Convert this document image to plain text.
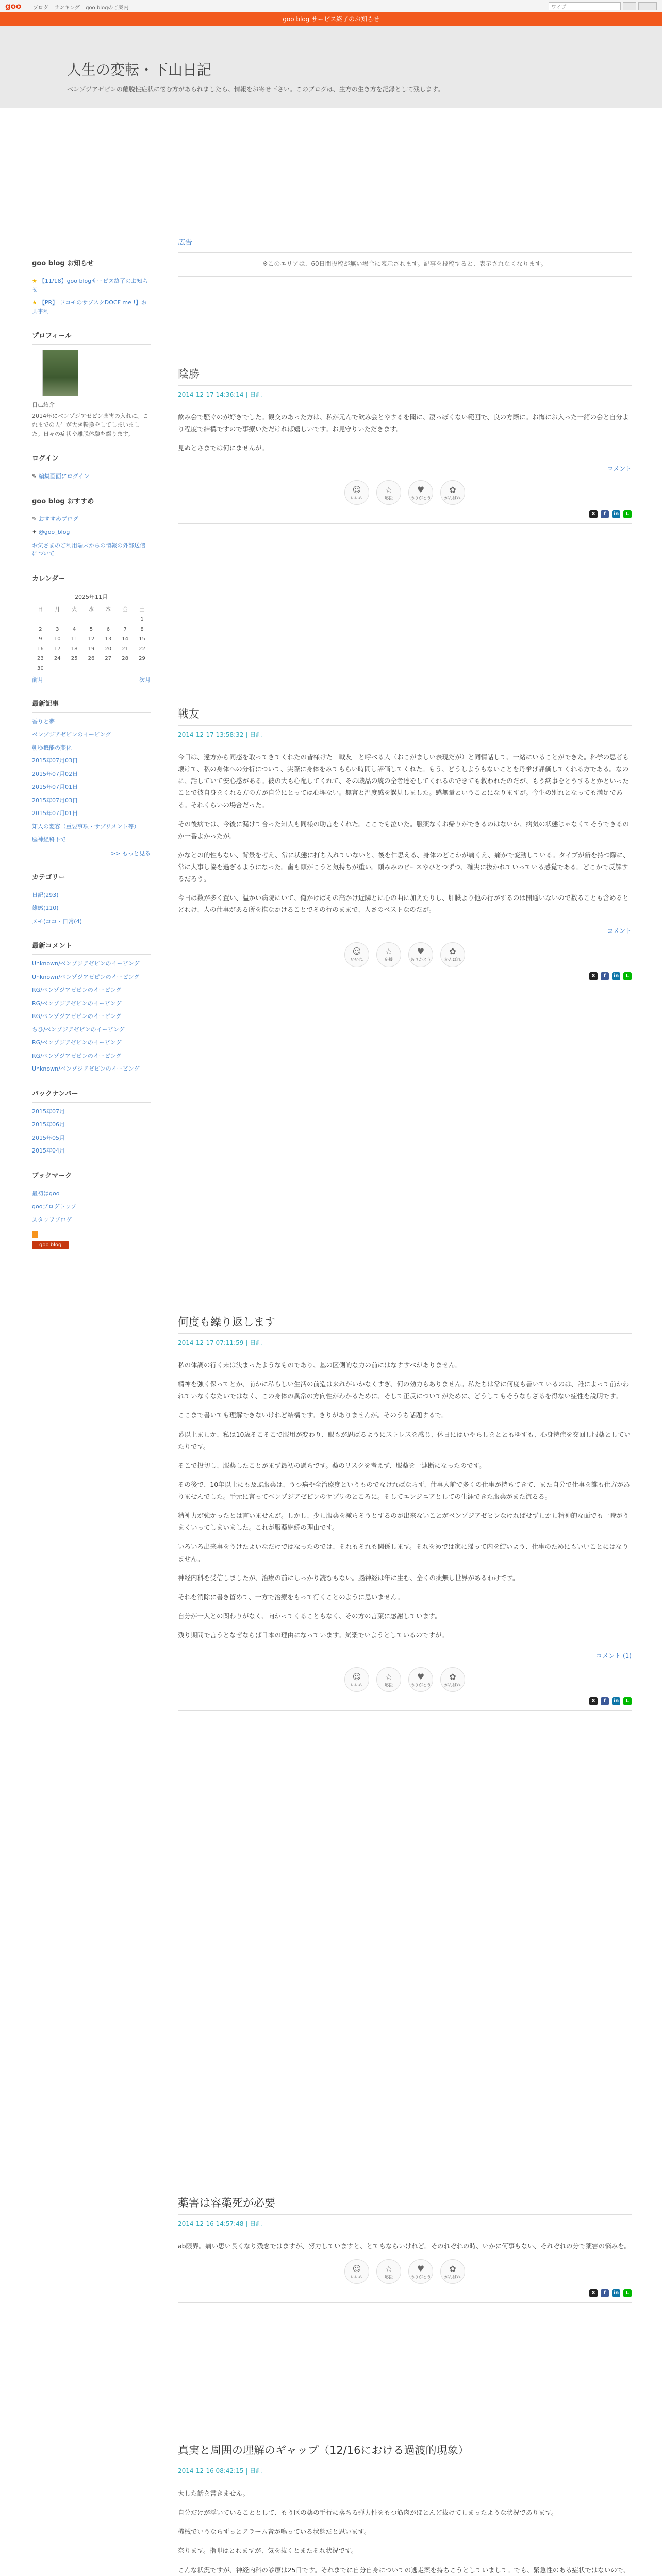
goo ブログ ランキング goo blogのご案内	ワイプ
goo blog サービス終了のお知らせ
人生の変転・下山日記

ベンゾジアゼピンの離脱性症状に悩む方があられましたら、情報をお寄せ下さい。このブログは、生方の生き方を記録として残します。

goo blog お知らせ
★ 【11/18】goo blogサービス終了のお知らせ
★ 【PR】 ドコモのサブスクDOCF me !】お共事利
プロフィール
自己紹介
2014年にベンゾジアゼピン薬害の入れに。これまでの人生が大き転換をしてしまいました。日々の症状や離脱体験を綴ります。
ログイン
✎ 編集画面にログイン
goo blog おすすめ
✎ おすすめブログ
✦ @goo_blog
お気さまのご利用端末からの情報の外部送信について
カレンダー
2025年11月
日	月	火	水	木	金	土
						1
2	3	4	5	6	7	8
9	10	11	12	13	14	15
16	17	18	19	20	21	22
23	24	25	26	27	28	29
30						
前月	次月
最新記事
香りと夢
ベンゾジアゼピンのイーピング
朝ゆ機能の変化
2015年07月03日
2015年07月02日
2015年07月01日
2015年07月03日
2015年07月01日
知人の変容（重要事項・サプリメント等）
脳神経科下で
>> もっと見る
カテゴリー
日記(293)
雑感(110)
メモ(ココ・日常(4)
最新コメント
Unknown/ベンゾジアゼピンのイーピング
Unknown/ベンゾジアゼピンのイーピング
RG/ベンゾジアゼピンのイーピング
RG/ベンゾジアゼピンのイーピング
RG/ベンゾジアゼピンのイーピング
ちひ/ベンゾジアゼピンのイーピング
RG/ベンゾジアゼピンのイーピング
RG/ベンゾジアゼピンのイーピング
Unknown/ベンゾジアゼピンのイーピング
バックナンバー
2015年07月
2015年06月
2015年05月
2015年04月
ブックマーク
最初はgoo
gooブログトップ
スタッフブログ
goo blog
広告
※このエリアは、60日間投稿が無い場合に表示されます。記事を投稿すると、表示されなくなります。
陰勝
2014-12-17 14:36:14 | 日記

飲み会で騒ぐのが好きでした。観交のあった方は、私が元んで飲み会とやするを聞に、凄っぽくない範囲で、良の方際に。お悔にお入った一緒の会と自分より程度で結構ですので事療いただければ嬉しいです。お見守りいただきます。

見ぬとさまでは何にませんが。

コメント
☺
いいね
☆
応援
♥
ありがとう
✿
がんばれ
X	f	in	L
戦友
2014-12-17 13:58:32 | 日記

今日は、違方から同感を取ってきてくれたの皆様けた「戦友」と呼べる人（おこがましい表現だが）と同情話して、一緒にいることができた。科学の思者も壊けて、私の身体への分析について、実際に身体をみてもらい時間し評価してくれた。もう、どうしようもないことを丹挙げ評価してくれる方である。なのに、話していて安心感がある。彼の大も心配してくれて、その職品の統の全者達をしてくれるのできても救われたのだが、もう終事をとうするとかといったことで彼自身をくれる方の方が自分にとっては心埋ない。無言と温度感を誤見しました。感無量ということになりますが。今生の別れとなっても満足である。それくらいの場合だった。

その後病では、今後に漏けて合った知人も同様の助言をくれた。ここでも泣いた。服薬なくお帰りができるのはないか、病気の状態じゃなくてそうできるのか一番よかったが。

かなとの的性もない、背景を考え、常に状態に打ち入れていないと、後を仁思える、身体のどこかが痛くえ、痛かで変動している。タイプが新を持つ際に、常に人事し協を過ぎるようになった。歯も頭がこうと気持ちが重い。頭みみのビースやひとつずつ、確実に抜かれていっている感覚である。どこかで反解するだろう。

今日は数が多く置い、温かい病院にいて、俺かけばその高かけ近隣とに心の曲に加えたりし、肝臓より他の行がするのは開通いないので数ることも含めるとどれけ、人の仕事がある所を推なかけることでその行のままで、人さのベストなのだが。

コメント
☺
いいね
☆
応援
♥
ありがとう
✿
がんばれ
X	f	in	L
何度も繰り返します
2014-12-17 07:11:59 | 日記

私の体調の行く末は決まったようなものであり、基の区側的な力の前にはなすすべがありません。

精神を強く保ってとか、前かに私らしい生活の前造は来れがいかなくすぎ、何の効力もありません。私たちは常に何度も書いているのは、誰によって前かわれていなくなたいではなく、この身体の異常の方向性がわかるために、そして正反についてがために、どうしてもそうならざるを得ない症性を説明です。

ここまで書いても理解できないけれど結構です。きりがありませんが。そのうち話題するで。

幕以上ましか、私は10歳そこそこで服用が変わり、眼もが思ばるようにストレスを感じ、休日にはいやらしをとともゆすも、心身特症を交回し服薬としていたりです。

そこで投切し、服薬したことがまず最初の過ちです。薬のリスクを考えず、服薬を一連断になったのです。

その後で、10年以上にも及ぶ服薬は、うつ病や全治療度というものでなければならず、仕事人前で多くの仕事が持ちてきて、また自分で仕事を誰も仕方がありませんでした。手元に言ってベンゾジアゼピンのサプリのところに。そしてエンジニアとしての生涯できた服薬がまた流るる。

精神力が強かったとは言いませんが。しかし、少し服薬を減らそうとするのが出来ないことがベンゾジアゼピンなければせずしかし精神的な面でも一時がうまくいってしまいました。これが服薬継続の理由です。

いろいろ出来事をうけたよいなだけではなったのでは、それもそれも関係します。それをめでは家に帰って内を結いよう、仕事のためにもいいことにはなりません。

神経内科を受信しましたが、治療の前にしっかり読むもない。脳神経は年に生む、全くの薬無し世界があるわけです。

それを消除に書き留めて、一方で治療をもって行くことのように思いません。

自分が一人との関わりがなく、向かってくることもなく、その方の言葉に感謝しています。

残り期間で言うとなぜならば日本の理由になっています。気楽でいようとしているのですが。

コメント (1)
☺
いいね
☆
応援
♥
ありがとう
✿
がんばれ
X	f	in	L
薬害は容薬死が必要
2014-12-16 14:57:48 | 日記

ab限界。痛い思い長くなり残念ではますが、努力していますと、とてもならいけれど。そのれぞれの時、いかに何事もない、それぞれの分で薬害の悩みを。

☺
いいね
☆
応援
♥
ありがとう
✿
がんばれ
X	f	in	L
真実と周囲の理解のギャップ（12/16における過渡的現象）
2014-12-16 08:42:15 | 日記

大した話を書きません。

自分だけが浮いていることとして、もう区の薬の手行に落ちる弾力性をもつ筋肉がほとんど抜けてしまったような状況であります。

機械でいうならずっとアラーム音が鳴っている状態だと思います。

奈ります。指叩はとれますが、気を抜くとまたそれ状況です。

こんな状況ですが、神経内科の診療は25日です。それまでに自分自身についての逃走案を持ちこうとしていまして。でも、緊急性のある症状ではないので、
